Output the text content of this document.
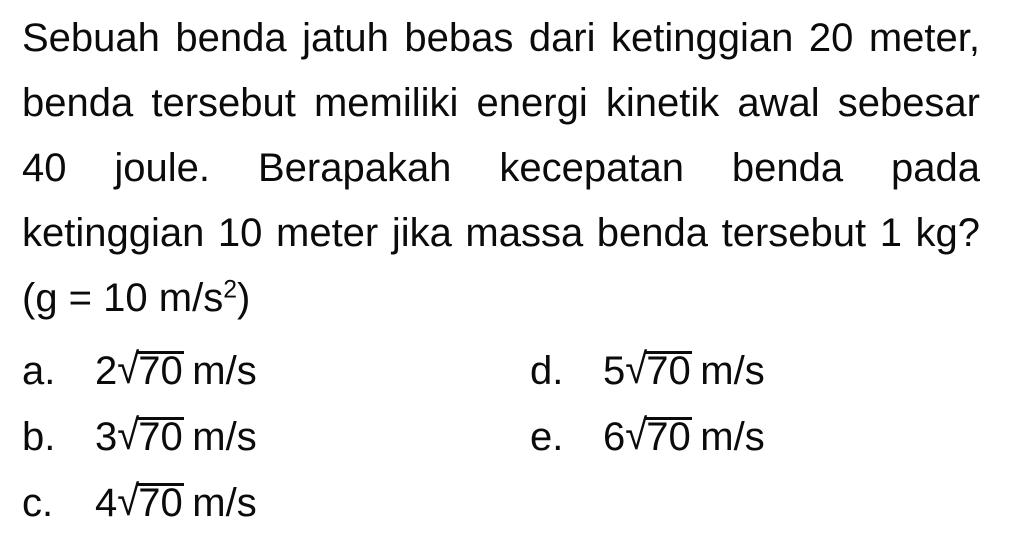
Sebuah benda jatuh bebas dari ketinggian 20 meter,
benda tersebut memiliki energi kinetik awal sebesar
40 joule. Berapakah kecepatan benda pada
ketinggian 10 meter jika massa benda tersebut 1 kg?
(g = 10 $m/s^2$)
a. 2√70 m/s	d. 5√70 m/s
b. 3√70 m/s	e. 6√70 m/s
c.	4√70 m/s
